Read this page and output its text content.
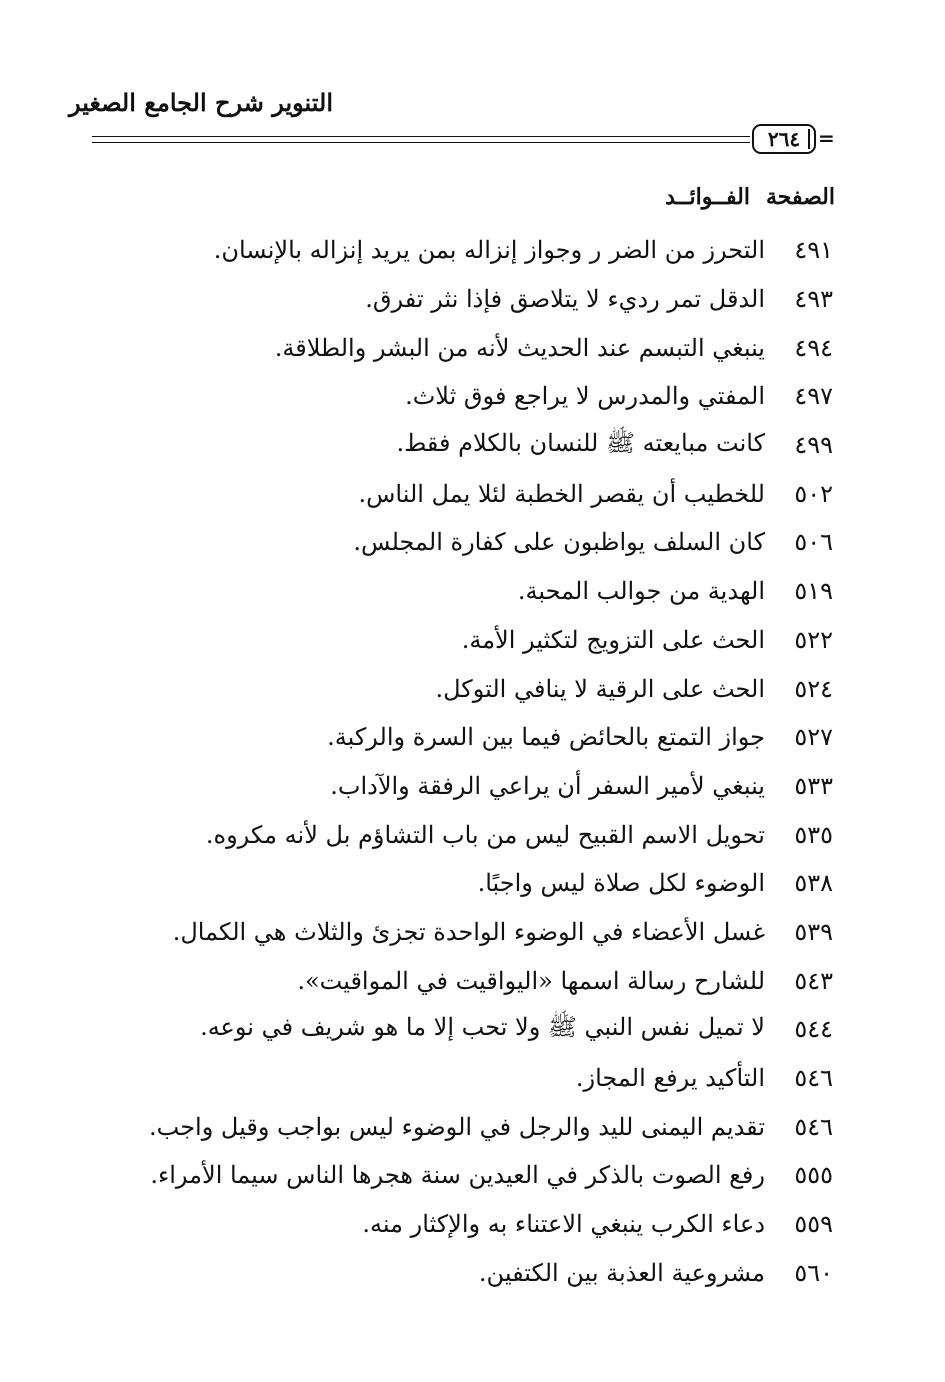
التنوير شرح الجامع الصغير
٢٦٤ =
الصفحةالفــوائــد
٤٩١
التحرز من الضر ر وجواز إنزاله بمن يريد إنزاله بالإنسان.
٤٩٣
الدقل تمر رديء لا يتلاصق فإذا نثر تفرق.
٤٩٤
ينبغي التبسم عند الحديث لأنه من البشر والطلاقة.
٤٩٧
المفتي والمدرس لا يراجع فوق ثلاث.
٤٩٩
كانت مبايعته ﷺ للنسان بالكلام فقط.
٥٠٢
للخطيب أن يقصر الخطبة لئلا يمل الناس.
٥٠٦
كان السلف يواظبون على كفارة المجلس.
٥١٩
الهدية من جوالب المحبة.
٥٢٢
الحث على التزويج لتكثير الأمة.
٥٢٤
الحث على الرقية لا ينافي التوكل.
٥٢٧
جواز التمتع بالحائض فيما بين السرة والركبة.
٥٣٣
ينبغي لأمير السفر أن يراعي الرفقة والآداب.
٥٣٥
تحويل الاسم القبيح ليس من باب التشاؤم بل لأنه مكروه.
٥٣٨
الوضوء لكل صلاة ليس واجبًا.
٥٣٩
غسل الأعضاء في الوضوء الواحدة تجزئ والثلاث هي الكمال.
٥٤٣
للشارح رسالة اسمها «اليواقيت في المواقيت».
٥٤٤
لا تميل نفس النبي ﷺ ولا تحب إلا ما هو شريف في نوعه.
٥٤٦
التأكيد يرفع المجاز.
٥٤٦
تقديم اليمنى لليد والرجل في الوضوء ليس بواجب وقيل واجب.
٥٥٥
رفع الصوت بالذكر في العيدين سنة هجرها الناس سيما الأمراء.
٥٥٩
دعاء الكرب ينبغي الاعتناء به والإكثار منه.
٥٦٠
مشروعية العذبة بين الكتفين.
